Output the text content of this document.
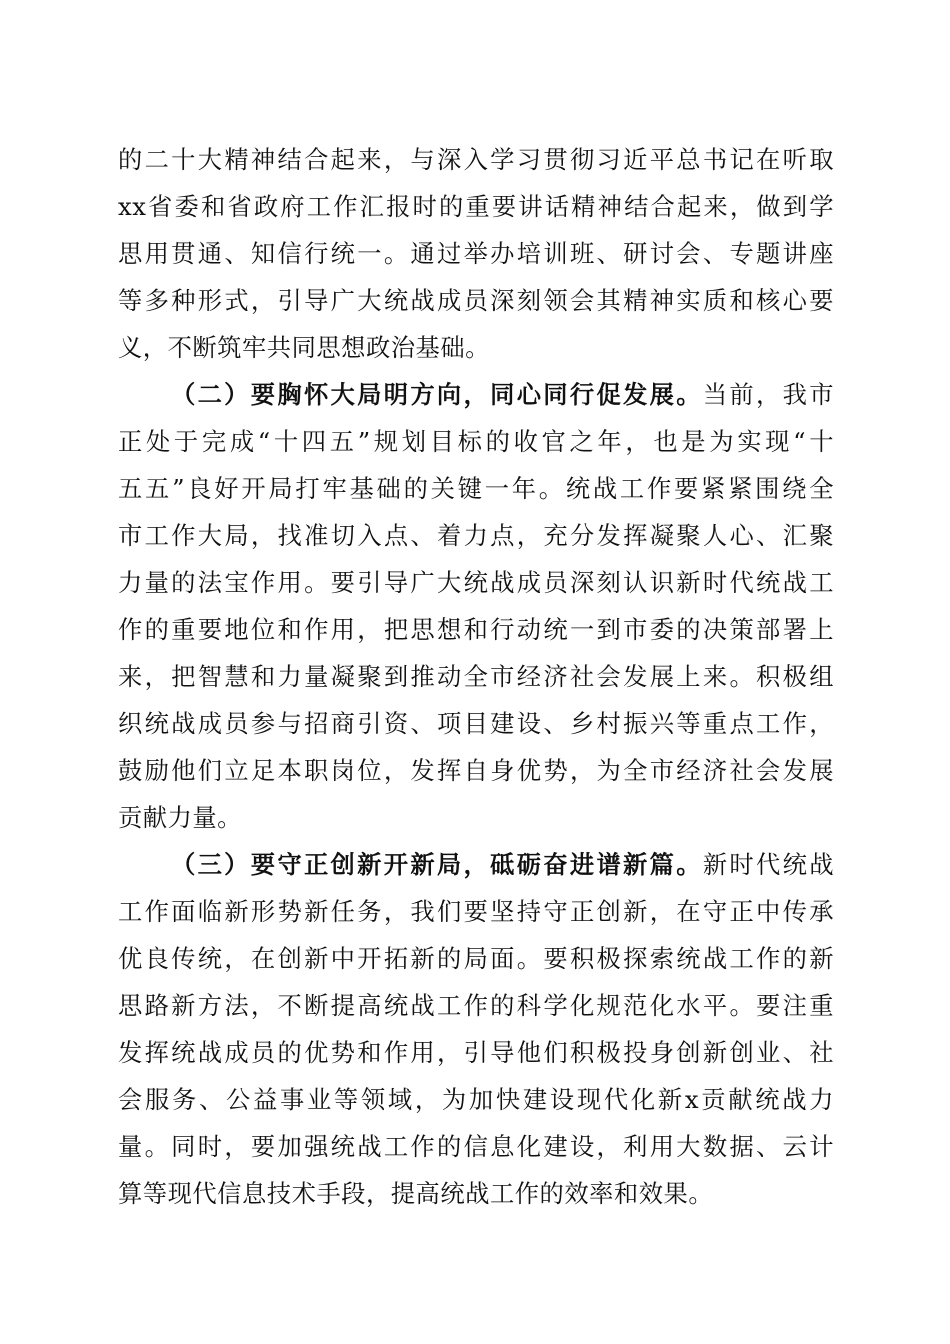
的二十大精神结合起来，与深入学习贯彻习近平总书记在听取
xx省委和省政府工作汇报时的重要讲话精神结合起来，做到学
思用贯通、知信行统一。通过举办培训班、研讨会、专题讲座
等多种形式，引导广大统战成员深刻领会其精神实质和核心要
义，不断筑牢共同思想政治基础。
（二）要胸怀大局明方向，同心同行促发展。当前，我市
正处于完成“十四五”规划目标的收官之年，也是为实现“十
五五”良好开局打牢基础的关键一年。统战工作要紧紧围绕全
市工作大局，找准切入点、着力点，充分发挥凝聚人心、汇聚
力量的法宝作用。要引导广大统战成员深刻认识新时代统战工
作的重要地位和作用，把思想和行动统一到市委的决策部署上
来，把智慧和力量凝聚到推动全市经济社会发展上来。积极组
织统战成员参与招商引资、项目建设、乡村振兴等重点工作，
鼓励他们立足本职岗位，发挥自身优势，为全市经济社会发展
贡献力量。
（三）要守正创新开新局，砥砺奋进谱新篇。新时代统战
工作面临新形势新任务，我们要坚持守正创新，在守正中传承
优良传统，在创新中开拓新的局面。要积极探索统战工作的新
思路新方法，不断提高统战工作的科学化规范化水平。要注重
发挥统战成员的优势和作用，引导他们积极投身创新创业、社
会服务、公益事业等领域，为加快建设现代化新x贡献统战力
量。同时，要加强统战工作的信息化建设，利用大数据、云计
算等现代信息技术手段，提高统战工作的效率和效果。
